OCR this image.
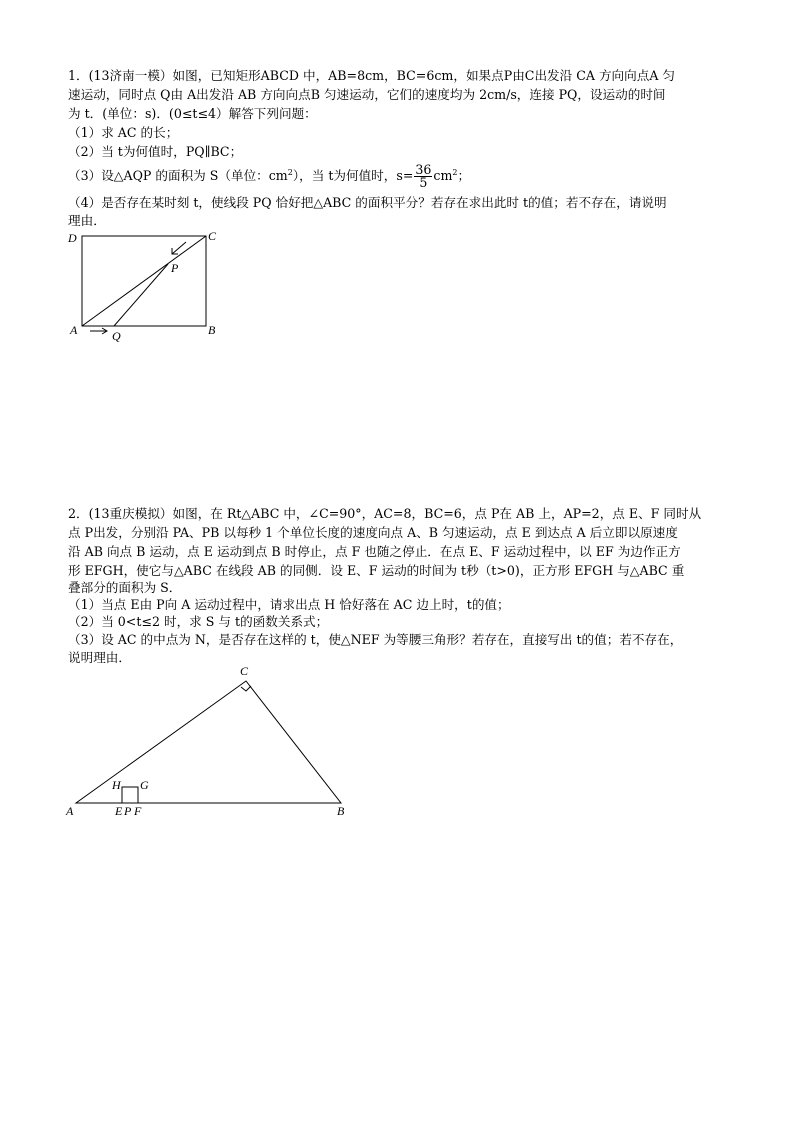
1．(13济南一模）如图，已知矩形ABCD 中，AB=8cm，BC=6cm，如果点P由C出发沿 CA 方向向点A 匀
速运动，同时点 Q由 A出发沿 AB 方向向点B 匀速运动，它们的速度均为 2cm/s，连接 PQ，设运动的时间
为 t．(单位：s)．(0≤t≤4）解答下列问题：
（1）求 AC 的长；
（2）当 t为何值时，PQ∥BC；
（3）设△AQP 的面积为 S（单位：$cm^2$），当 t为何值时，$s= \frac{36}{5} cm^2$；
（4）是否存在某时刻 t，使线段 PQ 恰好把△ABC 的面积平分？若存在求出此时 t的值；若不存在，请说明
理由．
D	C
P
A	Q	B
2．(13重庆模拟）如图，在 Rt△ABC 中，∠C=90°，AC=8，BC=6，点 P在 AB 上，AP=2，点 E、F 同时从
点 P出发，分别沿 PA、PB 以每秒 1 个单位长度的速度向点 A、B 匀速运动，点 E 到达点 A 后立即以原速度
沿 AB 向点 B 运动，点 E 运动到点 B 时停止，点 F 也随之停止．在点 E、F 运动过程中，以 EF 为边作正方
形 EFGH，使它与△ABC 在线段 AB 的同侧．设 E、F 运动的时间为 t秒（t>0)，正方形 EFGH 与△ABC 重
叠部分的面积为 S．
（1）当点 E由 P向 A 运动过程中，请求出点 H 恰好落在 AC 边上时，t的值；
（2）当 0<t≤2 时，求 S 与 t的函数关系式；
（3）设 AC 的中点为 N，是否存在这样的 t，使△NEF 为等腰三角形？若存在，直接写出 t的值；若不存在，
说明理由．
C
H G
A	E P F	B
